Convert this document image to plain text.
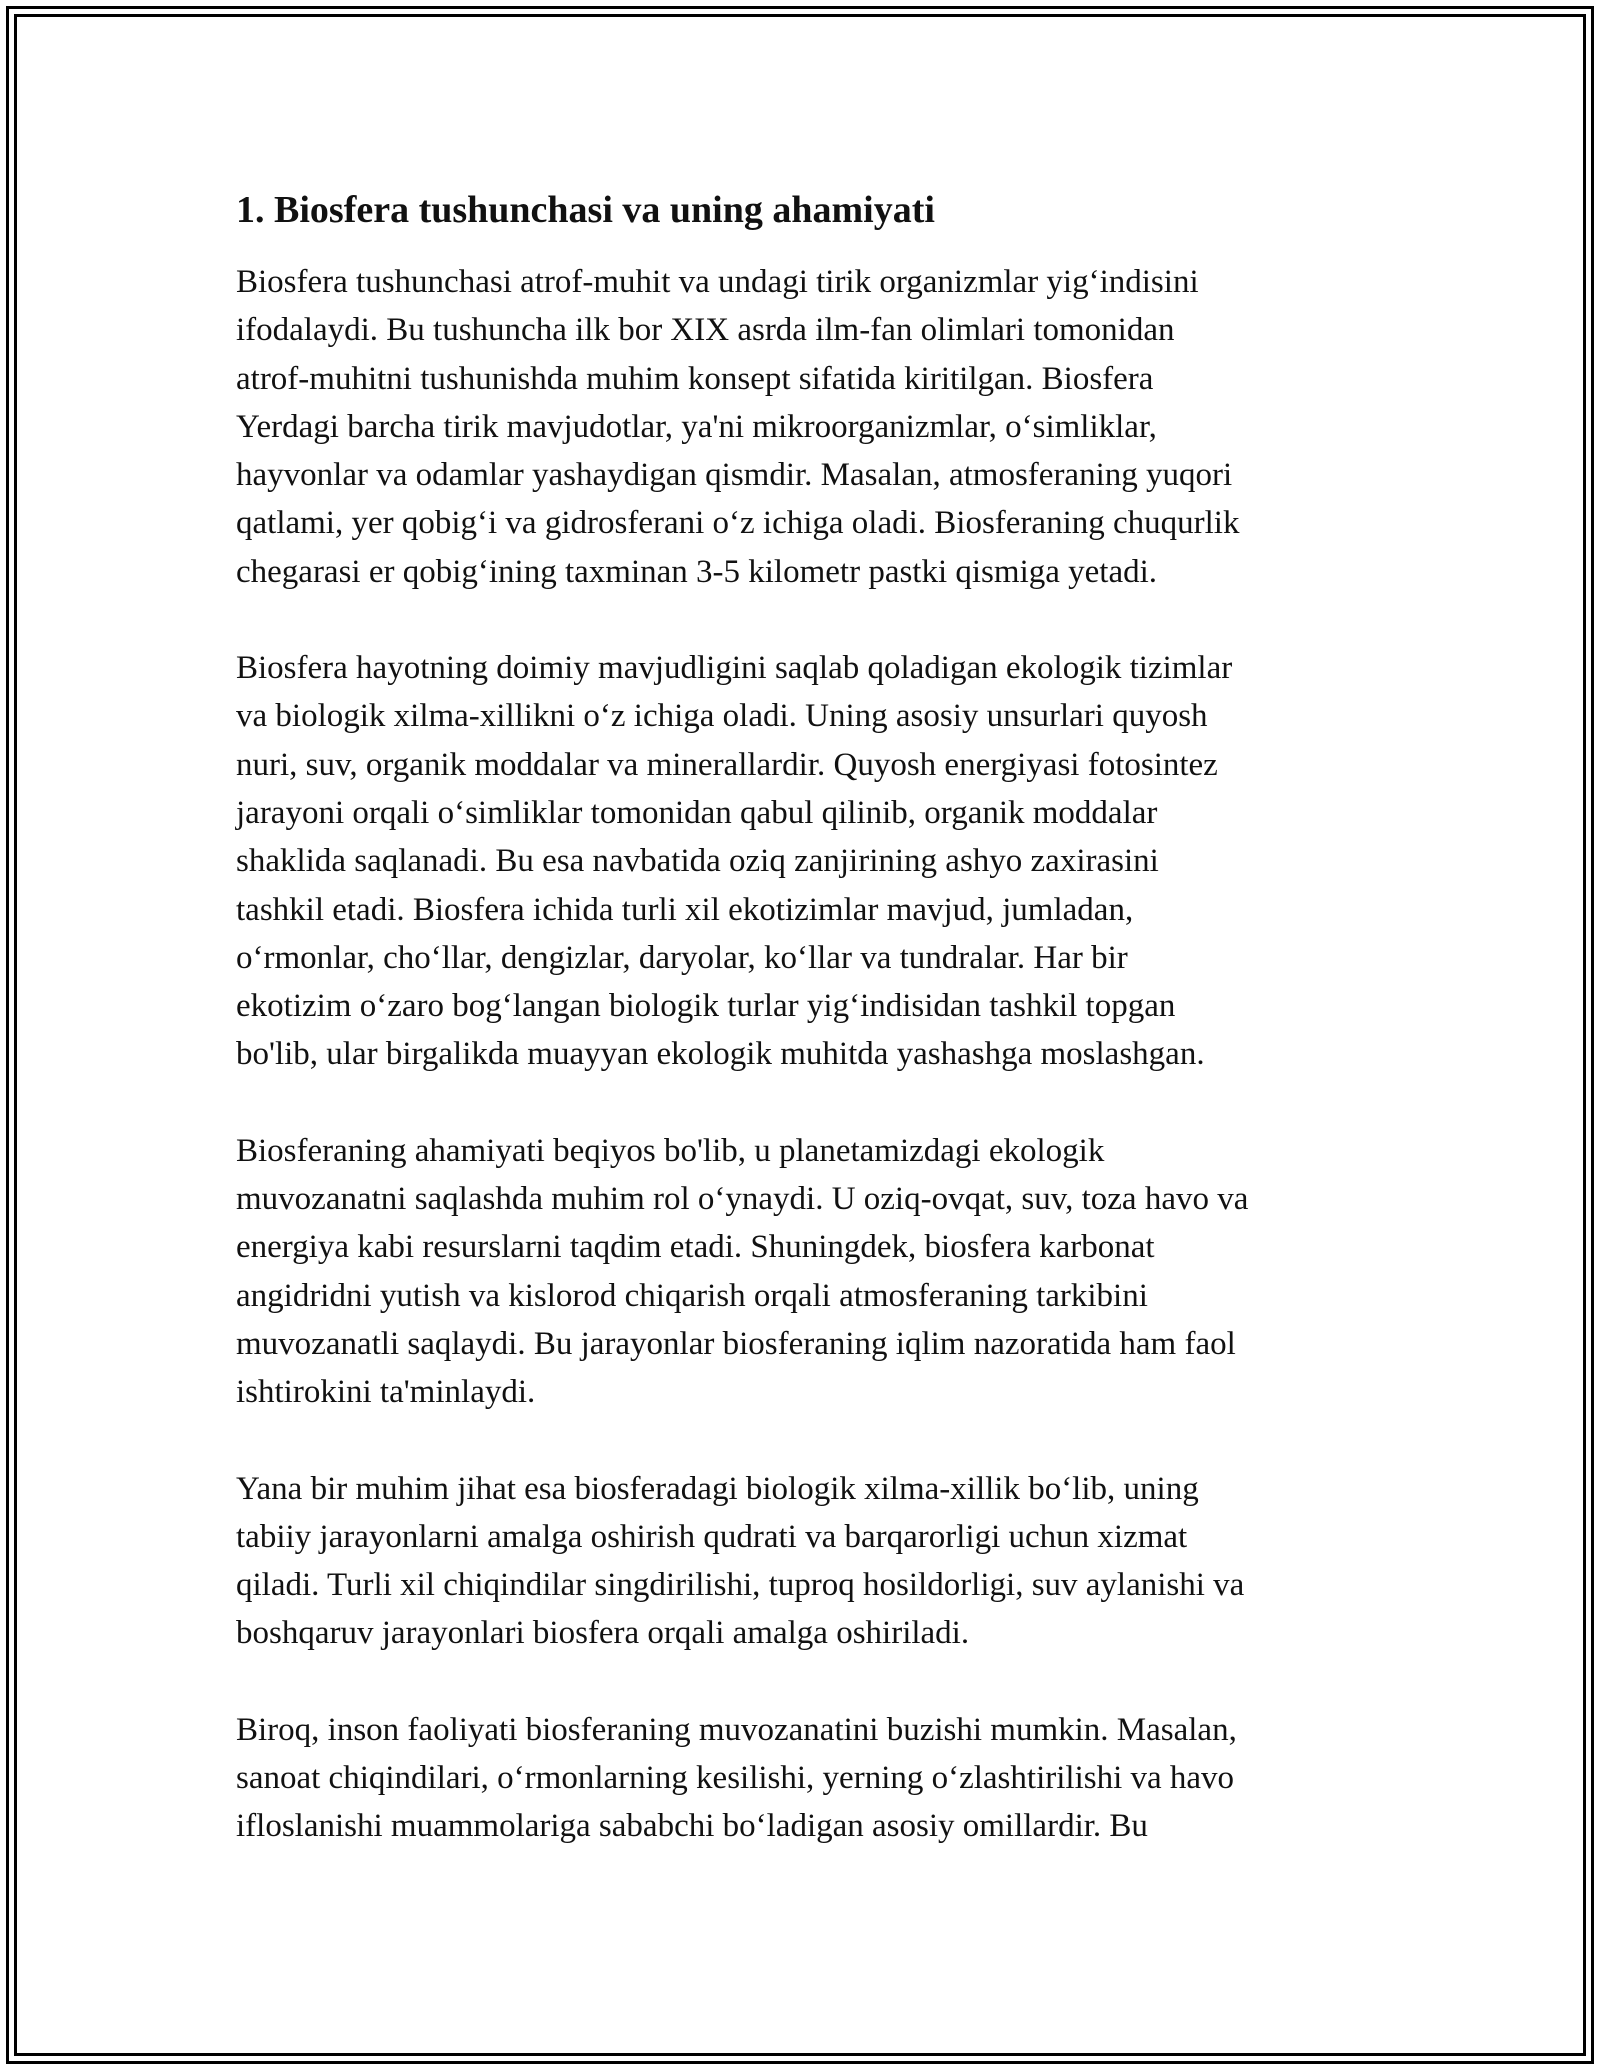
1. Biosfera tushunchasi va uning ahamiyati
Biosfera tushunchasi atrof-muhit va undagi tirik organizmlar yig‘indisini
ifodalaydi. Bu tushuncha ilk bor XIX asrda ilm-fan olimlari tomonidan
atrof-muhitni tushunishda muhim konsept sifatida kiritilgan. Biosfera
Yerdagi barcha tirik mavjudotlar, ya'ni mikroorganizmlar, o‘simliklar,
hayvonlar va odamlar yashaydigan qismdir. Masalan, atmosferaning yuqori
qatlami, yer qobig‘i va gidrosferani o‘z ichiga oladi. Biosferaning chuqurlik
chegarasi er qobig‘ining taxminan 3-5 kilometr pastki qismiga yetadi.
Biosfera hayotning doimiy mavjudligini saqlab qoladigan ekologik tizimlar
va biologik xilma-xillikni o‘z ichiga oladi. Uning asosiy unsurlari quyosh
nuri, suv, organik moddalar va minerallardir. Quyosh energiyasi fotosintez
jarayoni orqali o‘simliklar tomonidan qabul qilinib, organik moddalar
shaklida saqlanadi. Bu esa navbatida oziq zanjirining ashyo zaxirasini
tashkil etadi. Biosfera ichida turli xil ekotizimlar mavjud, jumladan,
o‘rmonlar, cho‘llar, dengizlar, daryolar, ko‘llar va tundralar. Har bir
ekotizim o‘zaro bog‘langan biologik turlar yig‘indisidan tashkil topgan
bo'lib, ular birgalikda muayyan ekologik muhitda yashashga moslashgan.
Biosferaning ahamiyati beqiyos bo'lib, u planetamizdagi ekologik
muvozanatni saqlashda muhim rol o‘ynaydi. U oziq-ovqat, suv, toza havo va
energiya kabi resurslarni taqdim etadi. Shuningdek, biosfera karbonat
angidridni yutish va kislorod chiqarish orqali atmosferaning tarkibini
muvozanatli saqlaydi. Bu jarayonlar biosferaning iqlim nazoratida ham faol
ishtirokini ta'minlaydi.
Yana bir muhim jihat esa biosferadagi biologik xilma-xillik bo‘lib, uning
tabiiy jarayonlarni amalga oshirish qudrati va barqarorligi uchun xizmat
qiladi. Turli xil chiqindilar singdirilishi, tuproq hosildorligi, suv aylanishi va
boshqaruv jarayonlari biosfera orqali amalga oshiriladi.
Biroq, inson faoliyati biosferaning muvozanatini buzishi mumkin. Masalan,
sanoat chiqindilari, o‘rmonlarning kesilishi, yerning o‘zlashtirilishi va havo
ifloslanishi muammolariga sababchi bo‘ladigan asosiy omillardir. Bu
